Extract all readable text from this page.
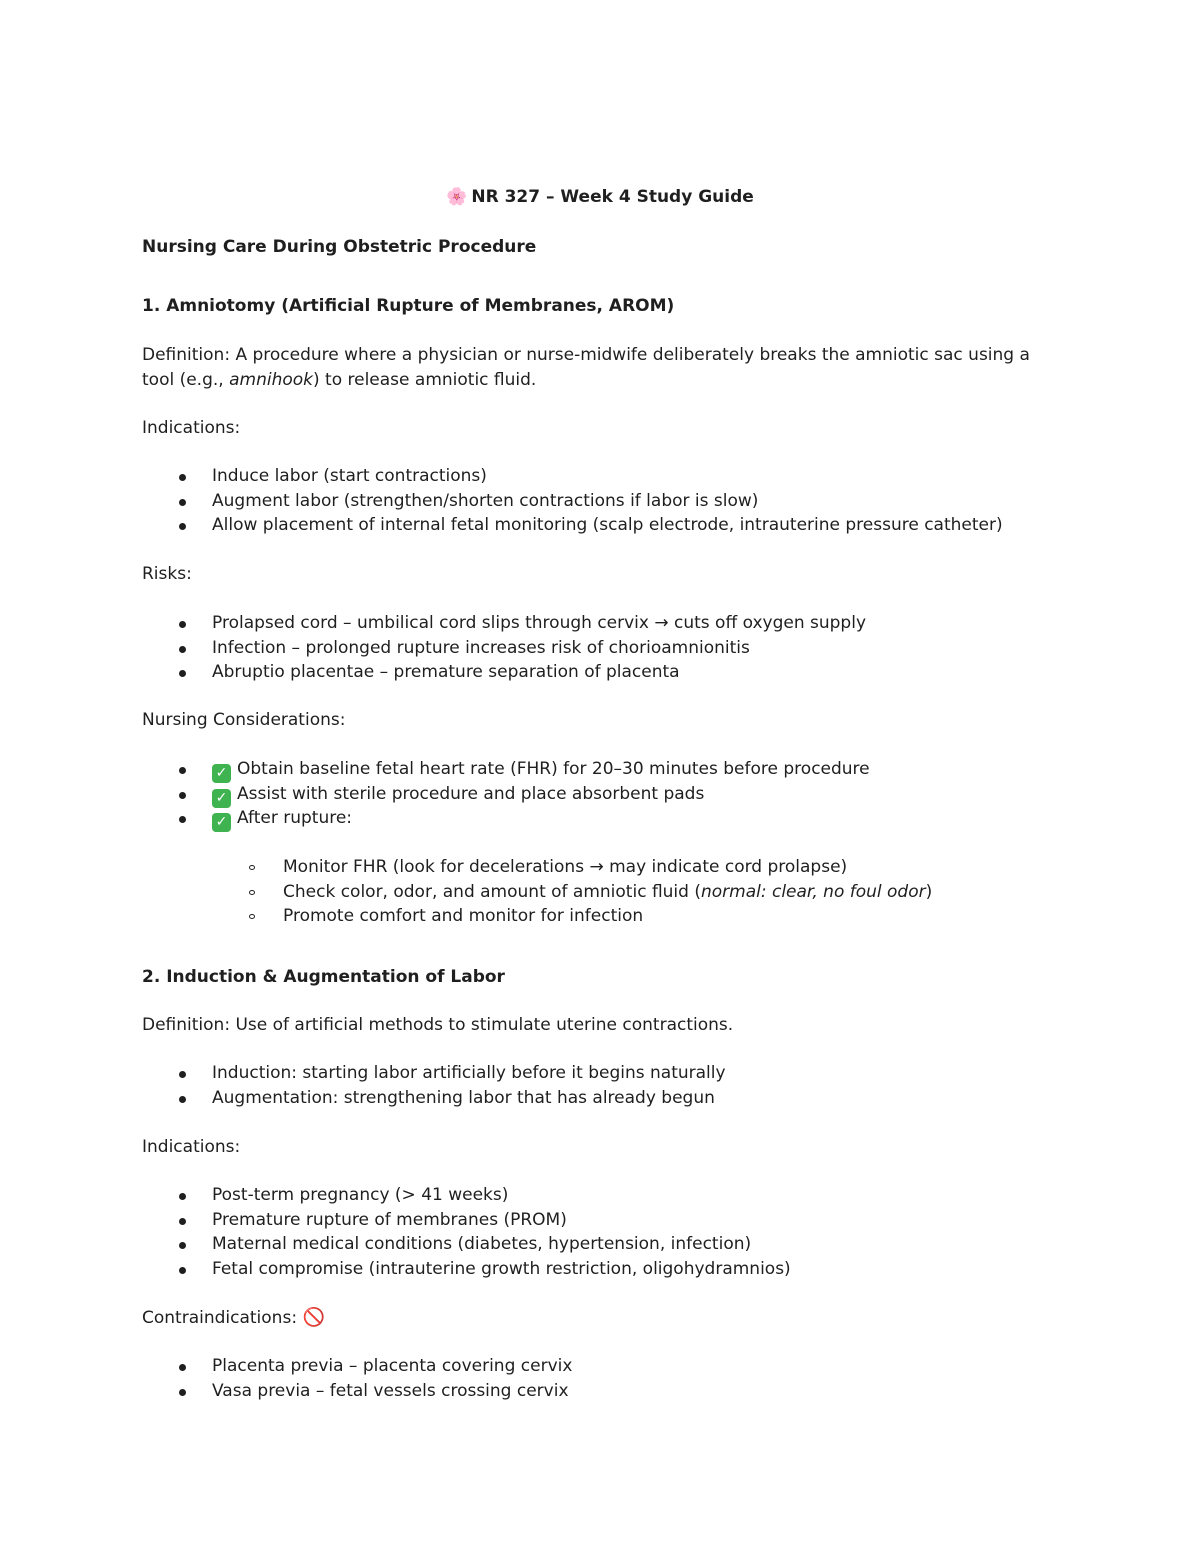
🌸 NR 327 – Week 4 Study Guide
Nursing Care During Obstetric Procedure
1. Amniotomy (Artificial Rupture of Membranes, AROM)
Definition: A procedure where a physician or nurse-midwife deliberately breaks the amniotic sac using a
tool (e.g., amnihook) to release amniotic fluid.
Indications:
Induce labor (start contractions)
Augment labor (strengthen/shorten contractions if labor is slow)
Allow placement of internal fetal monitoring (scalp electrode, intrauterine pressure catheter)
Risks:
Prolapsed cord – umbilical cord slips through cervix → cuts off oxygen supply
Infection – prolonged rupture increases risk of chorioamnionitis
Abruptio placentae – premature separation of placenta
Nursing Considerations:
✓ Obtain baseline fetal heart rate (FHR) for 20–30 minutes before procedure
✓ Assist with sterile procedure and place absorbent pads
✓ After rupture:
Monitor FHR (look for decelerations → may indicate cord prolapse)
Check color, odor, and amount of amniotic fluid (normal: clear, no foul odor)
Promote comfort and monitor for infection
2. Induction & Augmentation of Labor
Definition: Use of artificial methods to stimulate uterine contractions.
Induction: starting labor artificially before it begins naturally
Augmentation: strengthening labor that has already begun
Indications:
Post-term pregnancy (> 41 weeks)
Premature rupture of membranes (PROM)
Maternal medical conditions (diabetes, hypertension, infection)
Fetal compromise (intrauterine growth restriction, oligohydramnios)
Contraindications: 🚫
Placenta previa – placenta covering cervix
Vasa previa – fetal vessels crossing cervix
